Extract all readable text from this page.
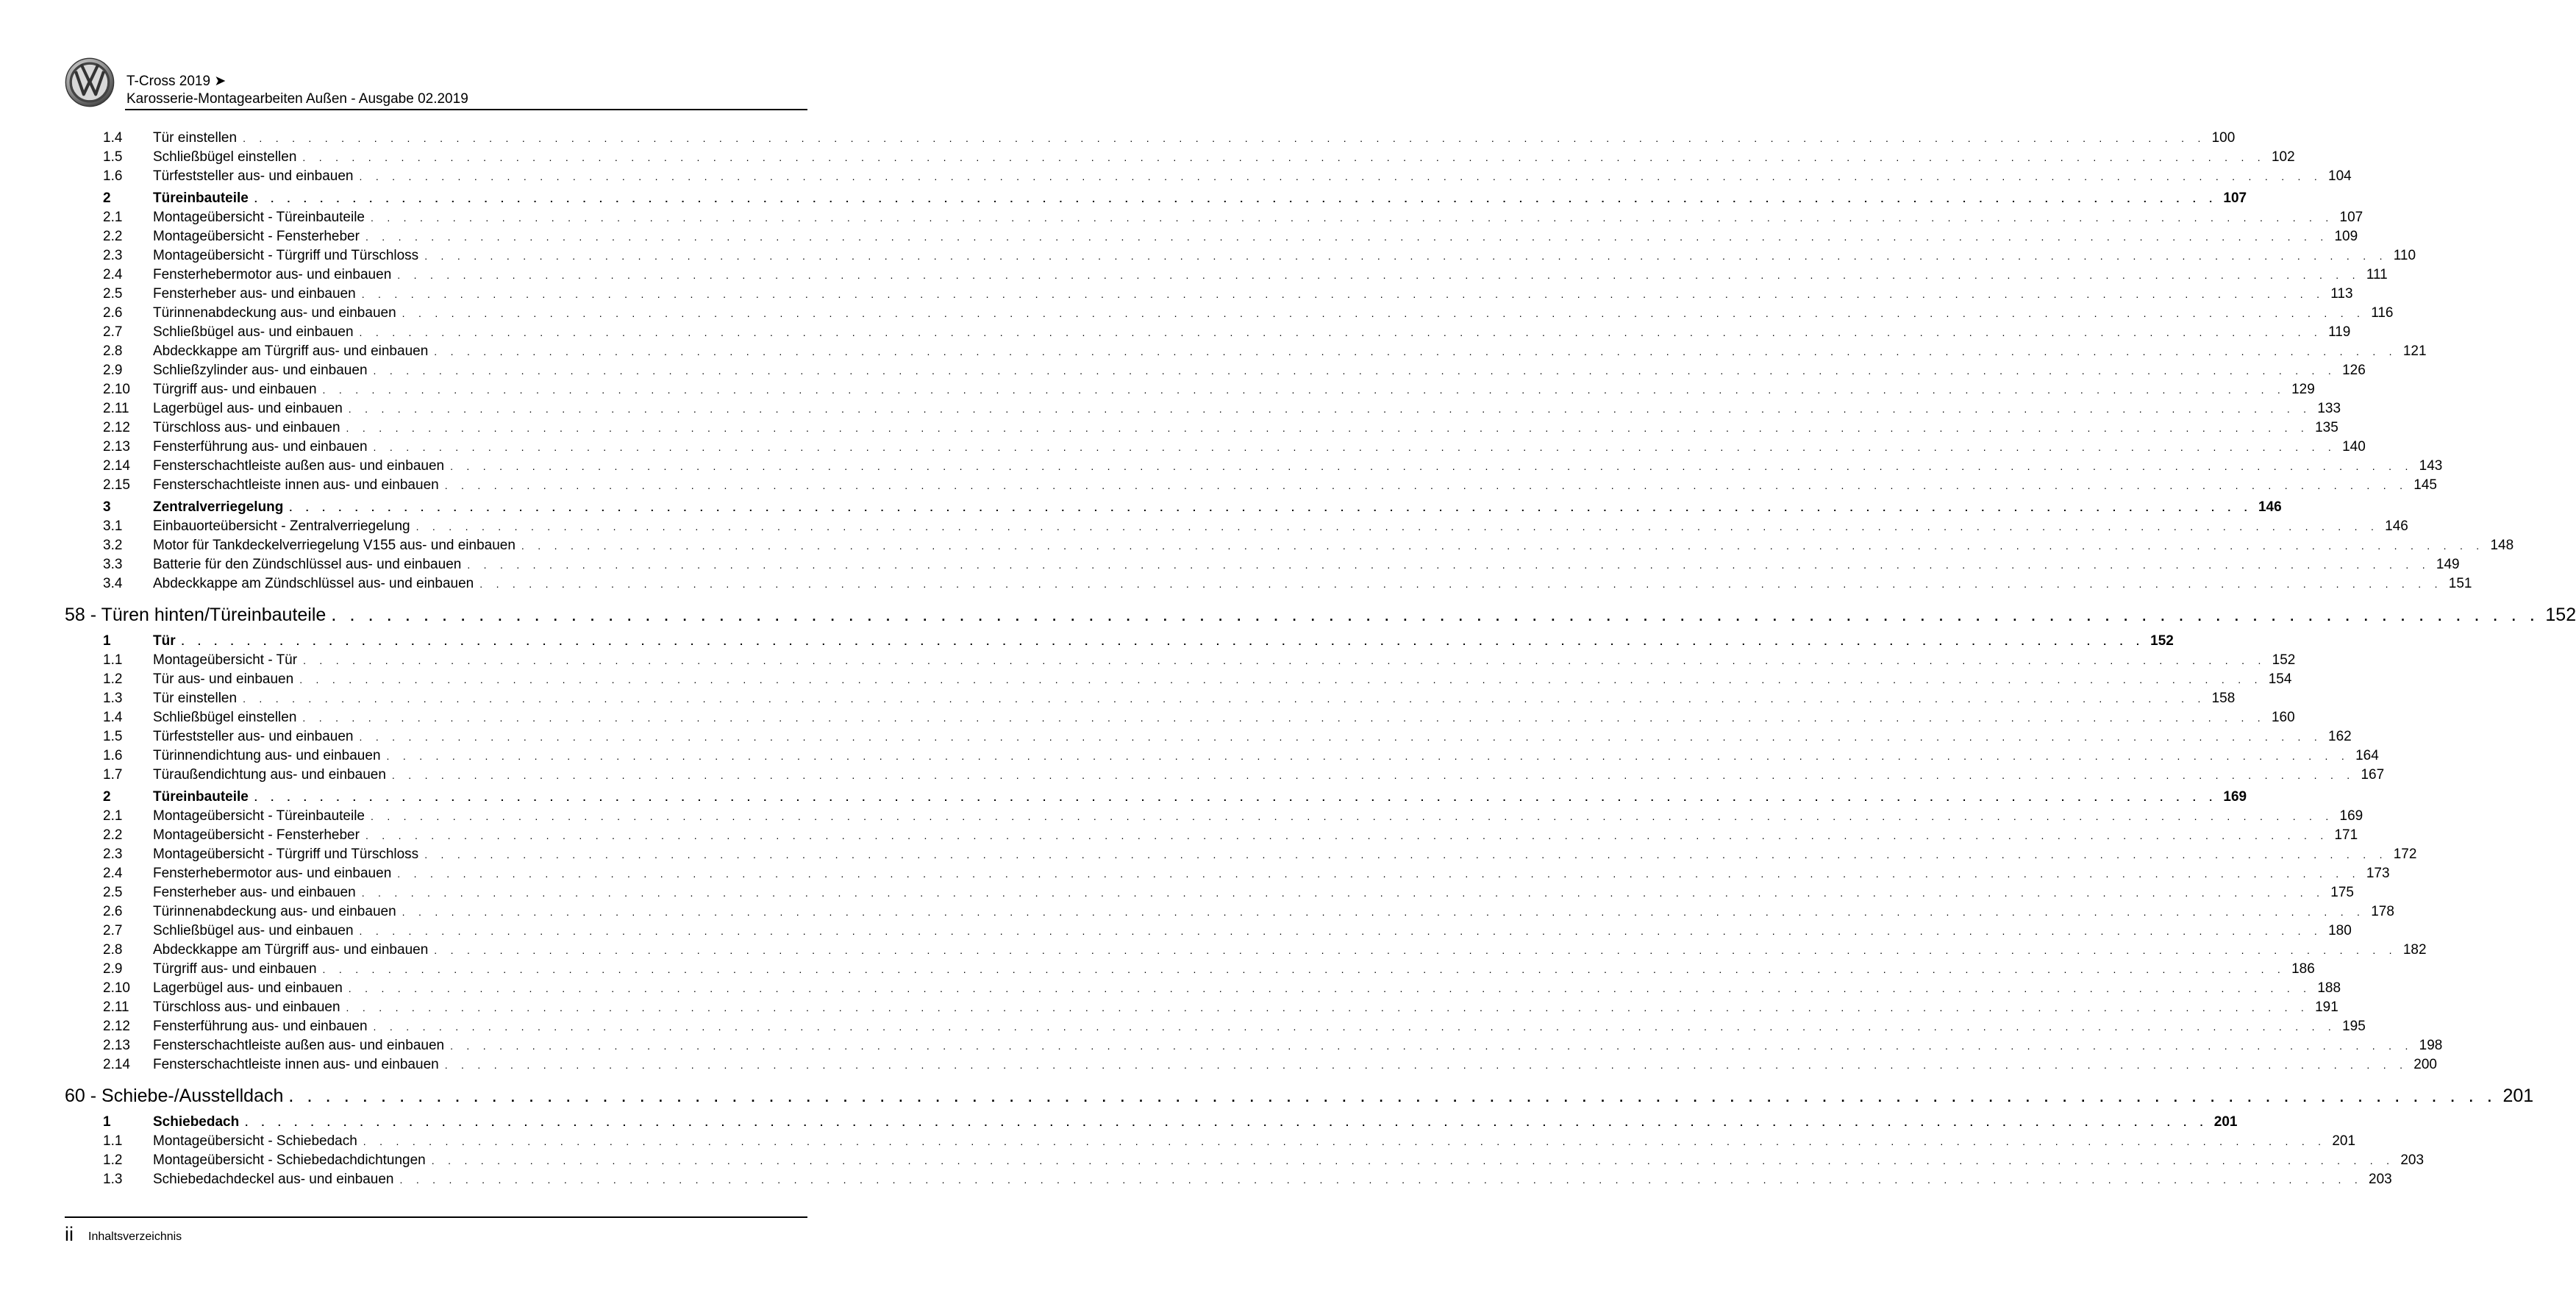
T-Cross 2019 ➤
Karosserie-Montagearbeiten Außen - Ausgabe 02.2019
1.4 Tür einstellen . . . . . . . . . . . . . . . . . . . . . . . . . . . . . . . . . . . . . . . . . . . . . . . . . . . . . . . . . . . . . . . . . . . . . . . . . . . . . . . . . . . . . . . . . . . . . . . . . . . . . . . . . . . . . . . . . . . . . . . . 100
1.5 Schließbügel einstellen . . . . . . . . . . . . . . . . . . . . . . . . . . . . . . . . . . . . . . . . . . . . . . . . . . . . . . . . . . . . . . . . . . . . . . . . . . . . . . . . . . . . . . . . . . . . . . . . . . . . . . . . . . . . . . . . . . . . . . . . 102
1.6 Türfeststeller aus- und einbauen . . . . . . . . . . . . . . . . . . . . . . . . . . . . . . . . . . . . . . . . . . . . . . . . . . . . . . . . . . . . . . . . . . . . . . . . . . . . . . . . . . . . . . . . . . . . . . . . . . . . . . . . . . . . . . . . . . . . . . . . 104
2	Türeinbauteile . . . . . . . . . . . . . . . . . . . . . . . . . . . . . . . . . . . . . . . . . . . . . . . . . . . . . . . . . . . . . . . . . . . . . . . . . . . . . . . . . . . . . . . . . . . . . . . . . . . . . . . . . . . . . . . . . . . . . . . . 107
2.1 Montageübersicht - Türeinbauteile . . . . . . . . . . . . . . . . . . . . . . . . . . . . . . . . . . . . . . . . . . . . . . . . . . . . . . . . . . . . . . . . . . . . . . . . . . . . . . . . . . . . . . . . . . . . . . . . . . . . . . . . . . . . . . . . . . . . . . . . 107
2.2 Montageübersicht - Fensterheber . . . . . . . . . . . . . . . . . . . . . . . . . . . . . . . . . . . . . . . . . . . . . . . . . . . . . . . . . . . . . . . . . . . . . . . . . . . . . . . . . . . . . . . . . . . . . . . . . . . . . . . . . . . . . . . . . . . . . . . . 109
2.3 Montageübersicht - Türgriff und Türschloss . . . . . . . . . . . . . . . . . . . . . . . . . . . . . . . . . . . . . . . . . . . . . . . . . . . . . . . . . . . . . . . . . . . . . . . . . . . . . . . . . . . . . . . . . . . . . . . . . . . . . . . . . . . . . . . . . . . . . . . . 110
2.4 Fensterhebermotor aus- und einbauen . . . . . . . . . . . . . . . . . . . . . . . . . . . . . . . . . . . . . . . . . . . . . . . . . . . . . . . . . . . . . . . . . . . . . . . . . . . . . . . . . . . . . . . . . . . . . . . . . . . . . . . . . . . . . . . . . . . . . . . . 111
2.5 Fensterheber aus- und einbauen . . . . . . . . . . . . . . . . . . . . . . . . . . . . . . . . . . . . . . . . . . . . . . . . . . . . . . . . . . . . . . . . . . . . . . . . . . . . . . . . . . . . . . . . . . . . . . . . . . . . . . . . . . . . . . . . . . . . . . . . 113
2.6 Türinnenabdeckung aus- und einbauen . . . . . . . . . . . . . . . . . . . . . . . . . . . . . . . . . . . . . . . . . . . . . . . . . . . . . . . . . . . . . . . . . . . . . . . . . . . . . . . . . . . . . . . . . . . . . . . . . . . . . . . . . . . . . . . . . . . . . . . . 116
2.7 Schließbügel aus- und einbauen . . . . . . . . . . . . . . . . . . . . . . . . . . . . . . . . . . . . . . . . . . . . . . . . . . . . . . . . . . . . . . . . . . . . . . . . . . . . . . . . . . . . . . . . . . . . . . . . . . . . . . . . . . . . . . . . . . . . . . . . 119
2.8 Abdeckkappe am Türgriff aus- und einbauen . . . . . . . . . . . . . . . . . . . . . . . . . . . . . . . . . . . . . . . . . . . . . . . . . . . . . . . . . . . . . . . . . . . . . . . . . . . . . . . . . . . . . . . . . . . . . . . . . . . . . . . . . . . . . . . . . . . . . . . . 121
2.9 Schließzylinder aus- und einbauen . . . . . . . . . . . . . . . . . . . . . . . . . . . . . . . . . . . . . . . . . . . . . . . . . . . . . . . . . . . . . . . . . . . . . . . . . . . . . . . . . . . . . . . . . . . . . . . . . . . . . . . . . . . . . . . . . . . . . . . . 126
2.10 Türgriff aus- und einbauen . . . . . . . . . . . . . . . . . . . . . . . . . . . . . . . . . . . . . . . . . . . . . . . . . . . . . . . . . . . . . . . . . . . . . . . . . . . . . . . . . . . . . . . . . . . . . . . . . . . . . . . . . . . . . . . . . . . . . . . . 129
2.11 Lagerbügel aus- und einbauen . . . . . . . . . . . . . . . . . . . . . . . . . . . . . . . . . . . . . . . . . . . . . . . . . . . . . . . . . . . . . . . . . . . . . . . . . . . . . . . . . . . . . . . . . . . . . . . . . . . . . . . . . . . . . . . . . . . . . . . . 133
2.12 Türschloss aus- und einbauen . . . . . . . . . . . . . . . . . . . . . . . . . . . . . . . . . . . . . . . . . . . . . . . . . . . . . . . . . . . . . . . . . . . . . . . . . . . . . . . . . . . . . . . . . . . . . . . . . . . . . . . . . . . . . . . . . . . . . . . . 135
2.13 Fensterführung aus- und einbauen . . . . . . . . . . . . . . . . . . . . . . . . . . . . . . . . . . . . . . . . . . . . . . . . . . . . . . . . . . . . . . . . . . . . . . . . . . . . . . . . . . . . . . . . . . . . . . . . . . . . . . . . . . . . . . . . . . . . . . . . 140
2.14 Fensterschachtleiste außen aus- und einbauen . . . . . . . . . . . . . . . . . . . . . . . . . . . . . . . . . . . . . . . . . . . . . . . . . . . . . . . . . . . . . . . . . . . . . . . . . . . . . . . . . . . . . . . . . . . . . . . . . . . . . . . . . . . . . . . . . . . . . . . . 143
2.15 Fensterschachtleiste innen aus- und einbauen . . . . . . . . . . . . . . . . . . . . . . . . . . . . . . . . . . . . . . . . . . . . . . . . . . . . . . . . . . . . . . . . . . . . . . . . . . . . . . . . . . . . . . . . . . . . . . . . . . . . . . . . . . . . . . . . . . . . . . . . 145
3	Zentralverriegelung . . . . . . . . . . . . . . . . . . . . . . . . . . . . . . . . . . . . . . . . . . . . . . . . . . . . . . . . . . . . . . . . . . . . . . . . . . . . . . . . . . . . . . . . . . . . . . . . . . . . . . . . . . . . . . . . . . . . . . . . 146
3.1 Einbauorteübersicht - Zentralverriegelung . . . . . . . . . . . . . . . . . . . . . . . . . . . . . . . . . . . . . . . . . . . . . . . . . . . . . . . . . . . . . . . . . . . . . . . . . . . . . . . . . . . . . . . . . . . . . . . . . . . . . . . . . . . . . . . . . . . . . . . . 146
3.2 Motor für Tankdeckelverriegelung V155 aus- und einbauen . . . . . . . . . . . . . . . . . . . . . . . . . . . . . . . . . . . . . . . . . . . . . . . . . . . . . . . . . . . . . . . . . . . . . . . . . . . . . . . . . . . . . . . . . . . . . . . . . . . . . . . . . . . . . . . . . . . . . . . . 148
3.3 Batterie für den Zündschlüssel aus- und einbauen . . . . . . . . . . . . . . . . . . . . . . . . . . . . . . . . . . . . . . . . . . . . . . . . . . . . . . . . . . . . . . . . . . . . . . . . . . . . . . . . . . . . . . . . . . . . . . . . . . . . . . . . . . . . . . . . . . . . . . . . 149
3.4 Abdeckkappe am Zündschlüssel aus- und einbauen . . . . . . . . . . . . . . . . . . . . . . . . . . . . . . . . . . . . . . . . . . . . . . . . . . . . . . . . . . . . . . . . . . . . . . . . . . . . . . . . . . . . . . . . . . . . . . . . . . . . . . . . . . . . . . . . . . . . . . . . 151
58 - Türen hinten/Türeinbauteile . . . . . . . . . . . . . . . . . . . . . . . . . . . . . . . . . . . . . . . . . . . . . . . . . . . . . . . . . . . . . . . . . . . . . . . . . . . . . . . . . . . . . . . . . . . . . . . . . . . . . . . . . . . . . . . . . . . . . . . . 152
1	Tür . . . . . . . . . . . . . . . . . . . . . . . . . . . . . . . . . . . . . . . . . . . . . . . . . . . . . . . . . . . . . . . . . . . . . . . . . . . . . . . . . . . . . . . . . . . . . . . . . . . . . . . . . . . . . . . . . . . . . . . . 152
1.1 Montageübersicht - Tür . . . . . . . . . . . . . . . . . . . . . . . . . . . . . . . . . . . . . . . . . . . . . . . . . . . . . . . . . . . . . . . . . . . . . . . . . . . . . . . . . . . . . . . . . . . . . . . . . . . . . . . . . . . . . . . . . . . . . . . . 152
1.2 Tür aus- und einbauen . . . . . . . . . . . . . . . . . . . . . . . . . . . . . . . . . . . . . . . . . . . . . . . . . . . . . . . . . . . . . . . . . . . . . . . . . . . . . . . . . . . . . . . . . . . . . . . . . . . . . . . . . . . . . . . . . . . . . . . . 154
1.3 Tür einstellen . . . . . . . . . . . . . . . . . . . . . . . . . . . . . . . . . . . . . . . . . . . . . . . . . . . . . . . . . . . . . . . . . . . . . . . . . . . . . . . . . . . . . . . . . . . . . . . . . . . . . . . . . . . . . . . . . . . . . . . . 158
1.4 Schließbügel einstellen . . . . . . . . . . . . . . . . . . . . . . . . . . . . . . . . . . . . . . . . . . . . . . . . . . . . . . . . . . . . . . . . . . . . . . . . . . . . . . . . . . . . . . . . . . . . . . . . . . . . . . . . . . . . . . . . . . . . . . . . 160
1.5 Türfeststeller aus- und einbauen . . . . . . . . . . . . . . . . . . . . . . . . . . . . . . . . . . . . . . . . . . . . . . . . . . . . . . . . . . . . . . . . . . . . . . . . . . . . . . . . . . . . . . . . . . . . . . . . . . . . . . . . . . . . . . . . . . . . . . . . 162
1.6 Türinnendichtung aus- und einbauen . . . . . . . . . . . . . . . . . . . . . . . . . . . . . . . . . . . . . . . . . . . . . . . . . . . . . . . . . . . . . . . . . . . . . . . . . . . . . . . . . . . . . . . . . . . . . . . . . . . . . . . . . . . . . . . . . . . . . . . . 164
1.7 Türaußendichtung aus- und einbauen . . . . . . . . . . . . . . . . . . . . . . . . . . . . . . . . . . . . . . . . . . . . . . . . . . . . . . . . . . . . . . . . . . . . . . . . . . . . . . . . . . . . . . . . . . . . . . . . . . . . . . . . . . . . . . . . . . . . . . . . 167
2	Türeinbauteile . . . . . . . . . . . . . . . . . . . . . . . . . . . . . . . . . . . . . . . . . . . . . . . . . . . . . . . . . . . . . . . . . . . . . . . . . . . . . . . . . . . . . . . . . . . . . . . . . . . . . . . . . . . . . . . . . . . . . . . . 169
2.1 Montageübersicht - Türeinbauteile . . . . . . . . . . . . . . . . . . . . . . . . . . . . . . . . . . . . . . . . . . . . . . . . . . . . . . . . . . . . . . . . . . . . . . . . . . . . . . . . . . . . . . . . . . . . . . . . . . . . . . . . . . . . . . . . . . . . . . . . 169
2.2 Montageübersicht - Fensterheber . . . . . . . . . . . . . . . . . . . . . . . . . . . . . . . . . . . . . . . . . . . . . . . . . . . . . . . . . . . . . . . . . . . . . . . . . . . . . . . . . . . . . . . . . . . . . . . . . . . . . . . . . . . . . . . . . . . . . . . . 171
2.3 Montageübersicht - Türgriff und Türschloss . . . . . . . . . . . . . . . . . . . . . . . . . . . . . . . . . . . . . . . . . . . . . . . . . . . . . . . . . . . . . . . . . . . . . . . . . . . . . . . . . . . . . . . . . . . . . . . . . . . . . . . . . . . . . . . . . . . . . . . . 172
2.4 Fensterhebermotor aus- und einbauen . . . . . . . . . . . . . . . . . . . . . . . . . . . . . . . . . . . . . . . . . . . . . . . . . . . . . . . . . . . . . . . . . . . . . . . . . . . . . . . . . . . . . . . . . . . . . . . . . . . . . . . . . . . . . . . . . . . . . . . . 173
2.5 Fensterheber aus- und einbauen . . . . . . . . . . . . . . . . . . . . . . . . . . . . . . . . . . . . . . . . . . . . . . . . . . . . . . . . . . . . . . . . . . . . . . . . . . . . . . . . . . . . . . . . . . . . . . . . . . . . . . . . . . . . . . . . . . . . . . . . 175
2.6 Türinnenabdeckung aus- und einbauen . . . . . . . . . . . . . . . . . . . . . . . . . . . . . . . . . . . . . . . . . . . . . . . . . . . . . . . . . . . . . . . . . . . . . . . . . . . . . . . . . . . . . . . . . . . . . . . . . . . . . . . . . . . . . . . . . . . . . . . . 178
2.7 Schließbügel aus- und einbauen . . . . . . . . . . . . . . . . . . . . . . . . . . . . . . . . . . . . . . . . . . . . . . . . . . . . . . . . . . . . . . . . . . . . . . . . . . . . . . . . . . . . . . . . . . . . . . . . . . . . . . . . . . . . . . . . . . . . . . . . 180
2.8 Abdeckkappe am Türgriff aus- und einbauen . . . . . . . . . . . . . . . . . . . . . . . . . . . . . . . . . . . . . . . . . . . . . . . . . . . . . . . . . . . . . . . . . . . . . . . . . . . . . . . . . . . . . . . . . . . . . . . . . . . . . . . . . . . . . . . . . . . . . . . . 182
2.9 Türgriff aus- und einbauen . . . . . . . . . . . . . . . . . . . . . . . . . . . . . . . . . . . . . . . . . . . . . . . . . . . . . . . . . . . . . . . . . . . . . . . . . . . . . . . . . . . . . . . . . . . . . . . . . . . . . . . . . . . . . . . . . . . . . . . . 186
2.10 Lagerbügel aus- und einbauen . . . . . . . . . . . . . . . . . . . . . . . . . . . . . . . . . . . . . . . . . . . . . . . . . . . . . . . . . . . . . . . . . . . . . . . . . . . . . . . . . . . . . . . . . . . . . . . . . . . . . . . . . . . . . . . . . . . . . . . . 188
2.11 Türschloss aus- und einbauen . . . . . . . . . . . . . . . . . . . . . . . . . . . . . . . . . . . . . . . . . . . . . . . . . . . . . . . . . . . . . . . . . . . . . . . . . . . . . . . . . . . . . . . . . . . . . . . . . . . . . . . . . . . . . . . . . . . . . . . . 191
2.12 Fensterführung aus- und einbauen . . . . . . . . . . . . . . . . . . . . . . . . . . . . . . . . . . . . . . . . . . . . . . . . . . . . . . . . . . . . . . . . . . . . . . . . . . . . . . . . . . . . . . . . . . . . . . . . . . . . . . . . . . . . . . . . . . . . . . . . 195
2.13 Fensterschachtleiste außen aus- und einbauen . . . . . . . . . . . . . . . . . . . . . . . . . . . . . . . . . . . . . . . . . . . . . . . . . . . . . . . . . . . . . . . . . . . . . . . . . . . . . . . . . . . . . . . . . . . . . . . . . . . . . . . . . . . . . . . . . . . . . . . . 198
2.14 Fensterschachtleiste innen aus- und einbauen . . . . . . . . . . . . . . . . . . . . . . . . . . . . . . . . . . . . . . . . . . . . . . . . . . . . . . . . . . . . . . . . . . . . . . . . . . . . . . . . . . . . . . . . . . . . . . . . . . . . . . . . . . . . . . . . . . . . . . . . 200
60 - Schiebe-/Ausstelldach . . . . . . . . . . . . . . . . . . . . . . . . . . . . . . . . . . . . . . . . . . . . . . . . . . . . . . . . . . . . . . . . . . . . . . . . . . . . . . . . . . . . . . . . . . . . . . . . . . . . . . . . . . . . . . . . . . . . . . . . 201
1	Schiebedach . . . . . . . . . . . . . . . . . . . . . . . . . . . . . . . . . . . . . . . . . . . . . . . . . . . . . . . . . . . . . . . . . . . . . . . . . . . . . . . . . . . . . . . . . . . . . . . . . . . . . . . . . . . . . . . . . . . . . . . . 201
1.1 Montageübersicht - Schiebedach . . . . . . . . . . . . . . . . . . . . . . . . . . . . . . . . . . . . . . . . . . . . . . . . . . . . . . . . . . . . . . . . . . . . . . . . . . . . . . . . . . . . . . . . . . . . . . . . . . . . . . . . . . . . . . . . . . . . . . . . 201
1.2 Montageübersicht - Schiebedachdichtungen . . . . . . . . . . . . . . . . . . . . . . . . . . . . . . . . . . . . . . . . . . . . . . . . . . . . . . . . . . . . . . . . . . . . . . . . . . . . . . . . . . . . . . . . . . . . . . . . . . . . . . . . . . . . . . . . . . . . . . . . 203
1.3 Schiebedachdeckel aus- und einbauen . . . . . . . . . . . . . . . . . . . . . . . . . . . . . . . . . . . . . . . . . . . . . . . . . . . . . . . . . . . . . . . . . . . . . . . . . . . . . . . . . . . . . . . . . . . . . . . . . . . . . . . . . . . . . . . . . . . . . . . . 203
ii Inhaltsverzeichnis
